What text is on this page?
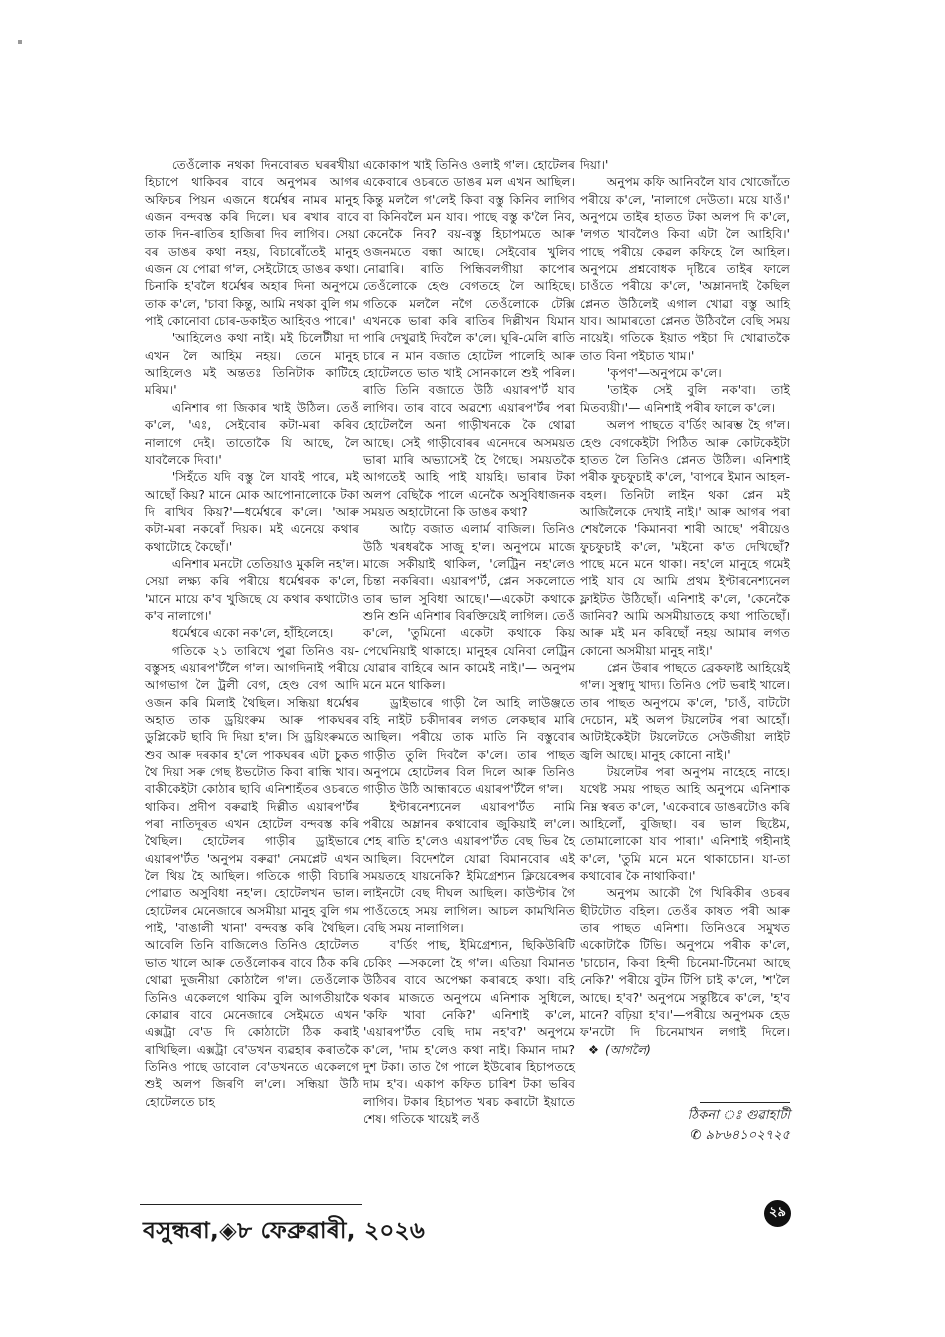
তেওঁলোক নথকা দিনবোৰত ঘৰৰখীয়া হিচাপে থাকিবৰ বাবে অনুপমৰ আগৰ অফিচৰ পিয়ন এজনে ধৰ্মেশ্বৰ নামৰ মানুহ এজন বন্দবস্ত কৰি দিলে। ঘৰ ৰখাৰ বাবে তাক দিন-ৰাতিৰ হাজিৰা দিব লাগিব। সেয়া বৰ ডাঙৰ কথা নহয়, বিচাৰোঁতেই মানুহ এজন যে পোৱা গ'ল, সেইটোহে ডাঙৰ কথা। চিনাকি হ'বলৈ ধৰ্মেশ্বৰ অহাৰ দিনা অনুপমে তাক ক'লে, 'চাবা কিন্তু, আমি নথকা বুলি গম পাই কোনোবা চোৰ-ডকাইত আহিবও পাৰে।'

'আহিলেও কথা নাই। মই চিলেটীয়া দা এখন লৈ আহিম নহয়। তেনে মানুহ আহিলেও মই অন্ততঃ তিনিটাক কাটিহে মৰিম।'

এনিশাৰ গা জিকাৰ খাই উঠিল। তেওঁ ক'লে, 'এঃ, সেইবোৰ কটা-মৰা কৰিব নালাগে দেই। তাতোকৈ যি আছে, লৈ যাবলৈকে দিবা।'

'সিহঁতে যদি বস্তু লৈ যাবই পাৰে, মই আছোঁ কিয়? মানে মোক আপোনালোকে টকা দি ৰাখিব কিয়?'—ধৰ্মেশ্বৰে ক'লে। 'আৰু কটা-মৰা নকৰোঁ দিয়ক। মই এনেয়ে কথাৰ কথাটোহে কৈছোঁ।'

এনিশাৰ মনটো তেতিয়াও মুকলি নহ'ল। সেয়া লক্ষ্য কৰি পৰীয়ে ধৰ্মেশ্বৰক ক'লে, 'মানে মায়ে ক'ব খুজিছে যে কথাৰ কথাটোও ক'ব নালাগে।'

ধৰ্মেশ্বৰে একো নক'লে, হাঁহিলেহে।

গতিকে ২১ তাৰিখে পুৱা তিনিও বয়-বস্তুসহ এয়াৰপ'ৰ্টলৈ গ'ল। আগদিনাই পৰীয়ে আগভাগ লৈ ট্ৰলী বেগ, হেণ্ড বেগ আদি ওজন কৰি মিলাই থৈছিল। সন্ধিয়া ধৰ্মেশ্বৰ অহাত তাক ড্ৰয়িংৰুম আৰু পাকঘৰৰ ডুপ্লিকেট ছাবি দি দিয়া হ'ল। সি ড্ৰয়িংৰুমতে শুব আৰু দৰকাৰ হ'লে পাকঘৰৰ এটা চুকত থৈ দিয়া সৰু গেছ ষ্টভটোত কিবা ৰান্ধি খাব। বাকীকেইটা কোঠাৰ ছাবি এনিশাহঁতৰ ওচৰতে থাকিব। প্ৰদীপ বৰুৱাই দিল্লীত এয়াৰপ'ৰ্টৰ পৰা নাতিদূৰত এখন হোটেল বন্দবস্ত কৰি থৈছিল। হোটেলৰ গাড়ীৰ ড্ৰাইভাৰে এয়াৰপ'ৰ্টত 'অনুপম বৰুৱা' নেমপ্লেট এখন লৈ থিয় হৈ আছিল। গতিকে গাড়ী বিচাৰি পোৱাত অসুবিধা নহ'ল। হোটেলখন ভাল। হোটেলৰ মেনেজাৰে অসমীয়া মানুহ বুলি গম পাই, 'বাঙালী খানা' বন্দবস্ত কৰি থৈছিল। আবেলি তিনি বাজিলেও তিনিও হোটেলত ভাত খালে আৰু তেওঁলোকৰ বাবে ঠিক কৰি থোৱা দুজনীয়া কোঠালৈ গ'ল। তেওঁলোক তিনিও একেলগে থাকিম বুলি আগতীয়াকৈ কোৱাৰ বাবে মেনেজাৰে সেইমতে এখন এক্সট্ৰা বে'ড দি কোঠাটো ঠিক কৰাই ৰাখিছিল। এক্সট্ৰা বে'ডখন ব্যৱহাৰ কৰাতকৈ তিনিও পাছে ডাবোল বে'ডখনতে একেলগে শুই অলপ জিৰণি ল'লে। সন্ধিয়া উঠি হোটেলতে চাহ

একোকাপ খাই তিনিও ওলাই গ'ল। হোটেলৰ একেবাৰে ওচৰতে ডাঙৰ মল এখন আছিল। কিন্তু মললৈ গ'লেই কিবা বস্তু কিনিব লাগিব বা কিনিবলৈ মন যাব। পাছে বস্তু ক'লৈ নিব, কেনেকৈ নিব? বয়-বস্তু হিচাপমতে আৰু ওজনমতে বন্ধা আছে। সেইবোৰ খুলিব নোৱাৰি। ৰাতি পিন্ধিবলগীয়া কাপোৰ তেওঁলোকে হেণ্ড বেগতহে লৈ আহিছে। গতিকে মললৈ নগৈ তেওঁলোকে টেক্সি এখনকে ভাৰা কৰি ৰাতিৰ দিল্লীখন যিমান পাৰি দেখুৱাই দিবলৈ ক'লে। ঘূৰি-মেলি ৰাতি চাৰে ন মান বজাত হোটেল পালেহি আৰু হোটেলতে ভাত খাই সোনকালে শুই পৰিল। ৰাতি তিনি বজাতে উঠি এয়াৰপ'ৰ্ট যাব লাগিব। তাৰ বাবে অৱশ্যে এয়াৰপ'ৰ্টৰ পৰা হোটেললৈ অনা গাড়ীখনকে কৈ থোৱা আছে। সেই গাড়ীবোৰৰ এনেদৰে অসময়ত ভাৰা মাৰি অভ্যাসেই হৈ গৈছে। সময়তকৈ আগতেই আহি পাই যায়হি। ভাৰাৰ টকা অলপ বেছিকৈ পালে এনেকৈ অসুবিধাজনক সময়ত অহাটোনো কি ডাঙৰ কথা?

আঢ়ৈ বজাত এলাৰ্ম বাজিল। তিনিও উঠি খৰধৰকৈ সাজু হ'ল। অনুপমে মাজে মাজে সকীয়াই থাকিল, 'লেট্ৰিন নহ'লেও চিন্তা নকৰিবা। এয়াৰপ'ৰ্ট, প্লেন সকলোতে তাৰ ভাল সুবিধা আছে।'—একেটা কথাকে শুনি শুনি এনিশাৰ বিৰক্তিয়েই লাগিল। তেওঁ ক'লে, 'তুমিনো একেটা কথাকে কিয় পেঘেনিয়াই থাকাহে। মানুহৰ যেনিবা লেট্ৰিন যোৱাৰ বাহিৰে আন কামেই নাই।'— অনুপম মনে মনে থাকিল।

ড্ৰাইভাৰে গাড়ী লৈ আহি লাউঞ্জতে বহি নাইট চকীদাৰৰ লগত লেকছাৰ মাৰি আছিল। পৰীয়ে তাক মাতি নি বস্তুবোৰ গাড়ীত তুলি দিবলৈ ক'লে। তাৰ পাছত অনুপমে হোটেলৰ বিল দিলে আৰু তিনিও গাড়ীত উঠি আন্ধাৰতে এয়াৰপ'ৰ্টলৈ গ'ল।

ইণ্টাৰনেশ্যনেল এয়াৰপ'ৰ্টত নামি পৰীয়ে অম্লানৰ কথাবোৰ জুকিয়াই ল'লে। শেহ ৰাতি হ'লেও এয়াৰপ'ৰ্টত বেছ ভিৰ হৈ আছিল। বিদেশলৈ যোৱা বিমানবোৰ এই সময়তহে যায়নেকি? ইমিগ্ৰেশ্যন ক্লিয়েৰেন্সৰ লাইনটো বেছ দীঘল আছিল। কাউণ্টাৰ গৈ পাওঁতেহে সময় লাগিল। আচল কামখিনিত বেছি সময় নালাগিল।

ব'ৰ্ডিং পাছ, ইমিগ্ৰেশ্যন, ছিকিউৰিটি চেকিং —সকলো হৈ গ'ল। এতিয়া বিমানত উঠিবৰ বাবে অপেক্ষা কৰাৰহে কথা। বহি থকাৰ মাজতে অনুপমে এনিশাক সুধিলে, 'কফি খাবা নেকি?' এনিশাই ক'লে, 'এয়াৰপ'ৰ্টত বেছি দাম নহ'ব?' অনুপমে ক'লে, 'দাম হ'লেও কথা নাই। কিমান দাম? দুশ টকা। তাত গৈ পালে ইউৰোৰ হিচাপতহে দাম হ'ব। একাপ কফিত চাৰিশ টকা ভৰিব লাগিব। টকাৰ হিচাপত খৰচ কৰাটো ইয়াতে শেষ। গতিকে খায়েই লওঁ

দিয়া।'

অনুপম কফি আনিবলৈ যাব খোজোঁতে পৰীয়ে ক'লে, 'নালাগে দেউতা। ময়ে যাওঁ।' অনুপমে তাইৰ হাতত টকা অলপ দি ক'লে, 'লগত খাবলৈও কিবা এটা লৈ আহিবি।' পাছে পৰীয়ে কেৱল কফিহে লৈ আহিল। অনুপমে প্ৰশ্নবোধক দৃষ্টিৰে তাইৰ ফালে চাওঁতে পৰীয়ে ক'লে, 'অম্লানদাই কৈছিল প্লেনত উঠিলেই এগাল খোৱা বস্তু আহি যাব। আমাৰতো প্লেনত উঠিবলৈ বেছি সময় নায়েই। গতিকে ইয়াত পইচা দি খোৱাতকৈ তাত বিনা পইচাত খাম।'

'কৃপণ'—অনুপমে ক'লে।

'তাইক সেই বুলি নক'বা। তাই মিতব্যয়ী।'— এনিশাই পৰীৰ ফালে ক'লে।

অলপ পাছতে ব'ৰ্ডিং আৰম্ভ হৈ গ'ল। হেণ্ড বেগকেইটা পিঠিত আৰু কোটকেইটা হাতত লৈ তিনিও প্লেনত উঠিল। এনিশাই পৰীক ফুচফুচাই ক'লে, 'বাপৰে ইমান আহল-বহল। তিনিটা লাইন থকা প্লেন মই আজিলৈকে দেখাই নাই।' আৰু আগৰ পৰা শেষলৈকে 'কিমানবা শাৰী আছে' পৰীয়েও ফুচফুচাই ক'লে, 'মইনো ক'ত দেখিছোঁ? পাছে মনে মনে থাকা। নহ'লে মানুহে গমেই পাই যাব যে আমি প্ৰথম ইণ্টাৰনেশ্যনেল ফ্লাইটত উঠিছোঁ। এনিশাই ক'লে, 'কেনেকৈ জানিব? আমি অসমীয়াতহে কথা পাতিছোঁ। আৰু মই মন কৰিছোঁ নহয় আমাৰ লগত কোনো অসমীয়া মানুহ নাই।'

প্লেন উৰাৰ পাছতে ব্ৰেকফাষ্ট আহিয়েই গ'ল। সুস্বাদু খাদ্য। তিনিও পেট ভৰাই খালে। তাৰ পাছত অনুপমে ক'লে, 'চাওঁ, বাটটো দেচোন, মই অলপ টয়লেটৰ পৰা আহোঁ। আটাইকেইটা টয়লেটতে সেউজীয়া লাইট জ্বলি আছে। মানুহ কোনো নাই।'

টয়লেটৰ পৰা অনুপম নাহেহে নাহে। যথেষ্ট সময় পাছত আহি অনুপমে এনিশাক নিম্ন স্বৰত ক'লে, 'একেবাৰে ডাঙৰটোও কৰি আহিলোঁ, বুজিছা। বৰ ভাল ছিষ্টেম, তোমালোকো যাব পাৰা।' এনিশাই গহীনাই ক'লে, 'তুমি মনে মনে থাকাচোন। যা-তা কথাবোৰ কৈ নাথাকিবা।'

অনুপম আকৌ গৈ খিৰিকীৰ ওচৰৰ ছীটটোত বহিল। তেওঁৰ কাষত পৰী আৰু তাৰ পাছত এনিশা। তিনিওৰে সমুখত একোটাকৈ টিভি। অনুপমে পৰীক ক'লে, 'চাচোন, কিবা হিন্দী চিনেমা-টিনেমা আছে নেকি?' পৰীয়ে বুটন টিপি চাই ক'লে, 'শ'লৈ আছে। হ'ব?' অনুপমে সন্তুষ্টিৰে ক'লে, 'হ'ব মানে? বঢ়িয়া হ'ব।'—পৰীয়ে অনুপমক হেড ফ'নটো দি চিনেমাখন লগাই দিলে।❖ (আগলৈ)

ঠিকনা ঃ গুৱাহাটী
✆ ৯৮৬৪১০২৭২৫
বসুন্ধৰা,◈৮ ফেব্ৰুৱাৰী, ২০২৬
২৯
